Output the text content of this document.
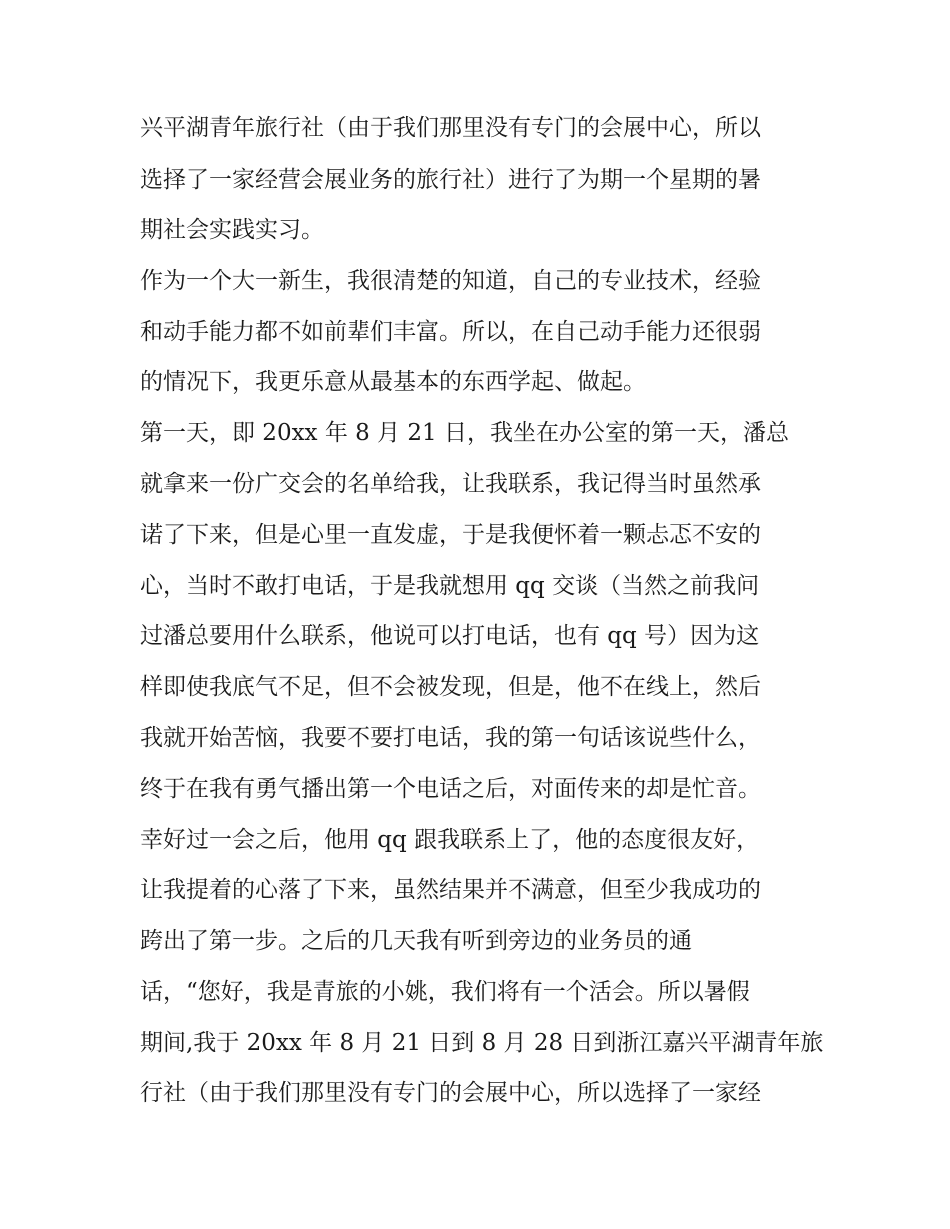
兴平湖青年旅行社（由于我们那里没有专门的会展中心，所以
选择了一家经营会展业务的旅行社）进行了为期一个星期的暑
期社会实践实习。
作为一个大一新生，我很清楚的知道，自己的专业技术，经验
和动手能力都不如前辈们丰富。所以，在自己动手能力还很弱
的情况下，我更乐意从最基本的东西学起、做起。
第一天，即 20xx 年 8 月 21 日，我坐在办公室的第一天，潘总
就拿来一份广交会的名单给我，让我联系，我记得当时虽然承
诺了下来，但是心里一直发虚，于是我便怀着一颗忐忑不安的
心，当时不敢打电话，于是我就想用 qq 交谈（当然之前我问
过潘总要用什么联系，他说可以打电话，也有 qq 号）因为这
样即使我底气不足，但不会被发现，但是，他不在线上，然后
我就开始苦恼，我要不要打电话，我的第一句话该说些什么，
终于在我有勇气播出第一个电话之后，对面传来的却是忙音。
幸好过一会之后，他用 qq 跟我联系上了，他的态度很友好，
让我提着的心落了下来，虽然结果并不满意，但至少我成功的
跨出了第一步。之后的几天我有听到旁边的业务员的通
话，“您好，我是青旅的小姚，我们将有一个活会。所以暑假
期间,我于 20xx 年 8 月 21 日到 8 月 28 日到浙江嘉兴平湖青年旅
行社（由于我们那里没有专门的会展中心，所以选择了一家经
